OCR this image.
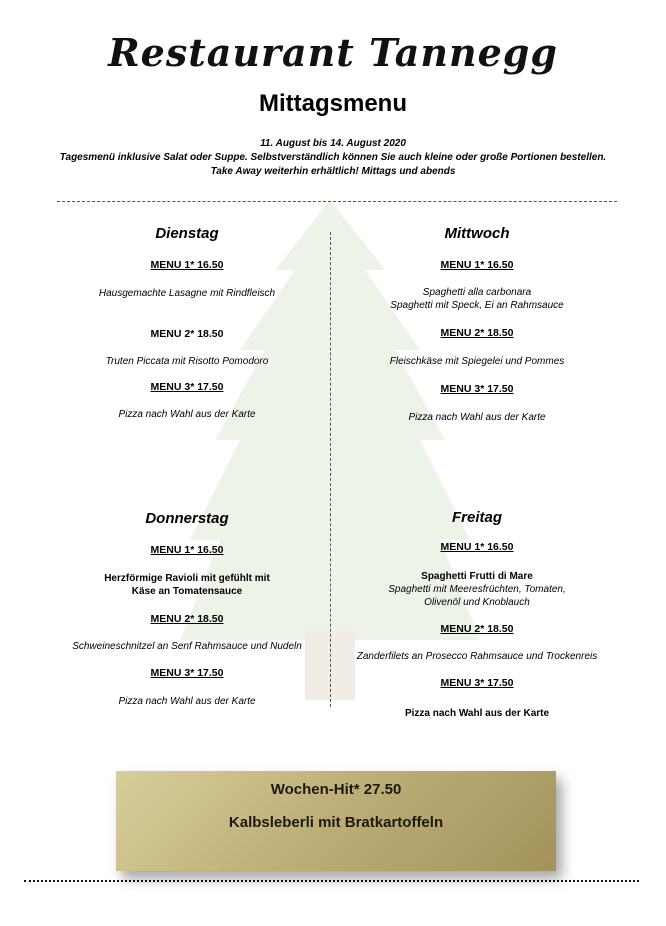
Restaurant Tannegg
Mittagsmenu
11. August bis 14. August 2020
Tagesmenü inklusive Salat oder Suppe. Selbstverständlich können Sie auch kleine oder große Portionen bestellen.
Take Away weiterhin erhältlich! Mittags und abends
Dienstag
MENU 1* 16.50
Hausgemachte Lasagne mit Rindfleisch
MENU 2* 18.50
Truten Piccata mit Risotto Pomodoro
MENU 3* 17.50
Pizza nach Wahl aus der Karte
Mittwoch
MENU 1* 16.50
Spaghetti alla carbonara
Spaghetti mit Speck, Ei an Rahmsauce
MENU 2* 18.50
Fleischkäse mit Spiegelei und Pommes
MENU 3* 17.50
Pizza nach Wahl aus der Karte
Donnerstag
MENU 1* 16.50
Herzförmige Ravioli mit gefühlt mit Käse an Tomatensauce
MENU 2* 18.50
Schweineschnitzel an Senf Rahmsauce und Nudeln
MENU 3* 17.50
Pizza nach Wahl aus der Karte
Freitag
MENU 1* 16.50
Spaghetti Frutti di Mare
Spaghetti mit Meeresfrüchten, Tomaten, Olivenöl und Knoblauch
MENU 2* 18.50
Zanderfilets an Prosecco Rahmsauce und Trockenreis
MENU 3* 17.50
Pizza nach Wahl aus der Karte
Wochen-Hit* 27.50
Kalbsleberli mit Bratkartoffeln
